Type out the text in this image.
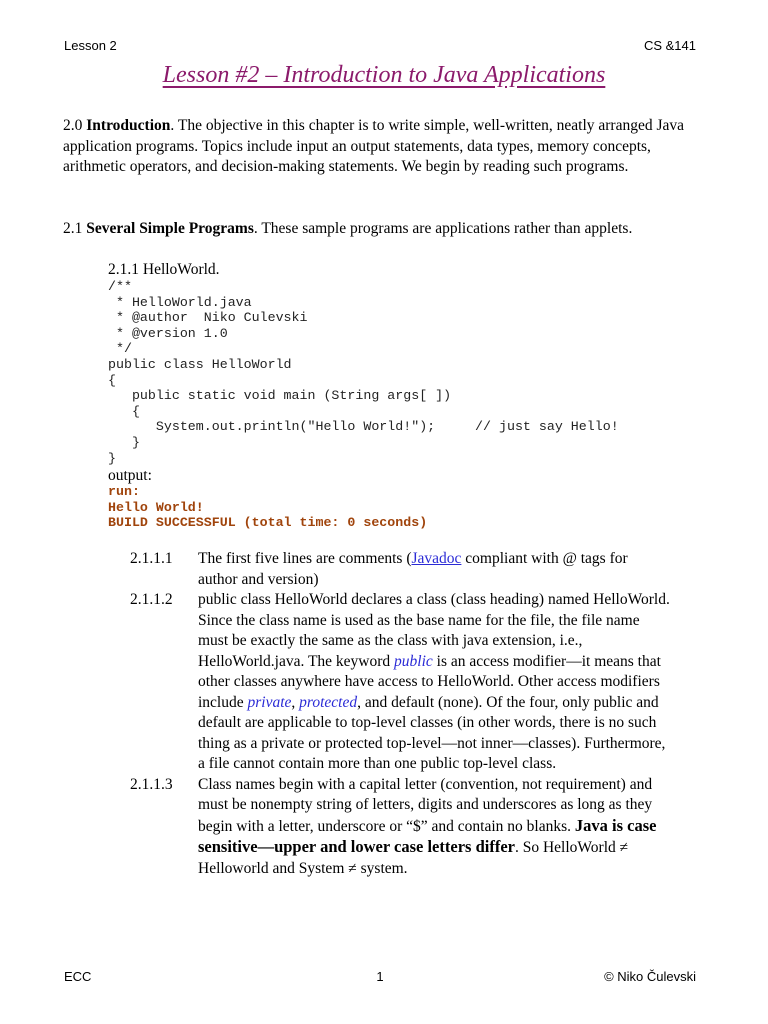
Lesson 2	CS &141
Lesson #2 – Introduction to Java Applications
2.0 Introduction. The objective in this chapter is to write simple, well-written, neatly arranged Java application programs. Topics include input an output statements, data types, memory concepts, arithmetic operators, and decision-making statements. We begin by reading such programs.
2.1 Several Simple Programs. These sample programs are applications rather than applets.
2.1.1 HelloWorld.
/**
* HelloWorld.java
* @author  Niko Culevski
* @version 1.0
*/
public class HelloWorld
{
public static void main (String args[ ])
{
System.out.println("Hello World!");     // just say Hello!
}
}
output:
run:
Hello World!
BUILD SUCCESSFUL (total time: 0 seconds)
2.1.1.1	The first five lines are comments (Javadoc compliant with @ tags for author and version)
2.1.1.2	public class HelloWorld declares a class (class heading) named HelloWorld. Since the class name is used as the base name for the file, the file name must be exactly the same as the class with java extension, i.e., HelloWorld.java. The keyword public is an access modifier—it means that other classes anywhere have access to HelloWorld. Other access modifiers include private, protected, and default (none). Of the four, only public and default are applicable to top-level classes (in other words, there is no such thing as a private or protected top-level—not inner—classes). Furthermore, a file cannot contain more than one public top-level class.
2.1.1.3	Class names begin with a capital letter (convention, not requirement) and must be nonempty string of letters, digits and underscores as long as they begin with a letter, underscore or “$” and contain no blanks. Java is case sensitive—upper and lower case letters differ. So HelloWorld ≠ Helloworld and System ≠ system.
ECC	1	© Niko Čulevski
